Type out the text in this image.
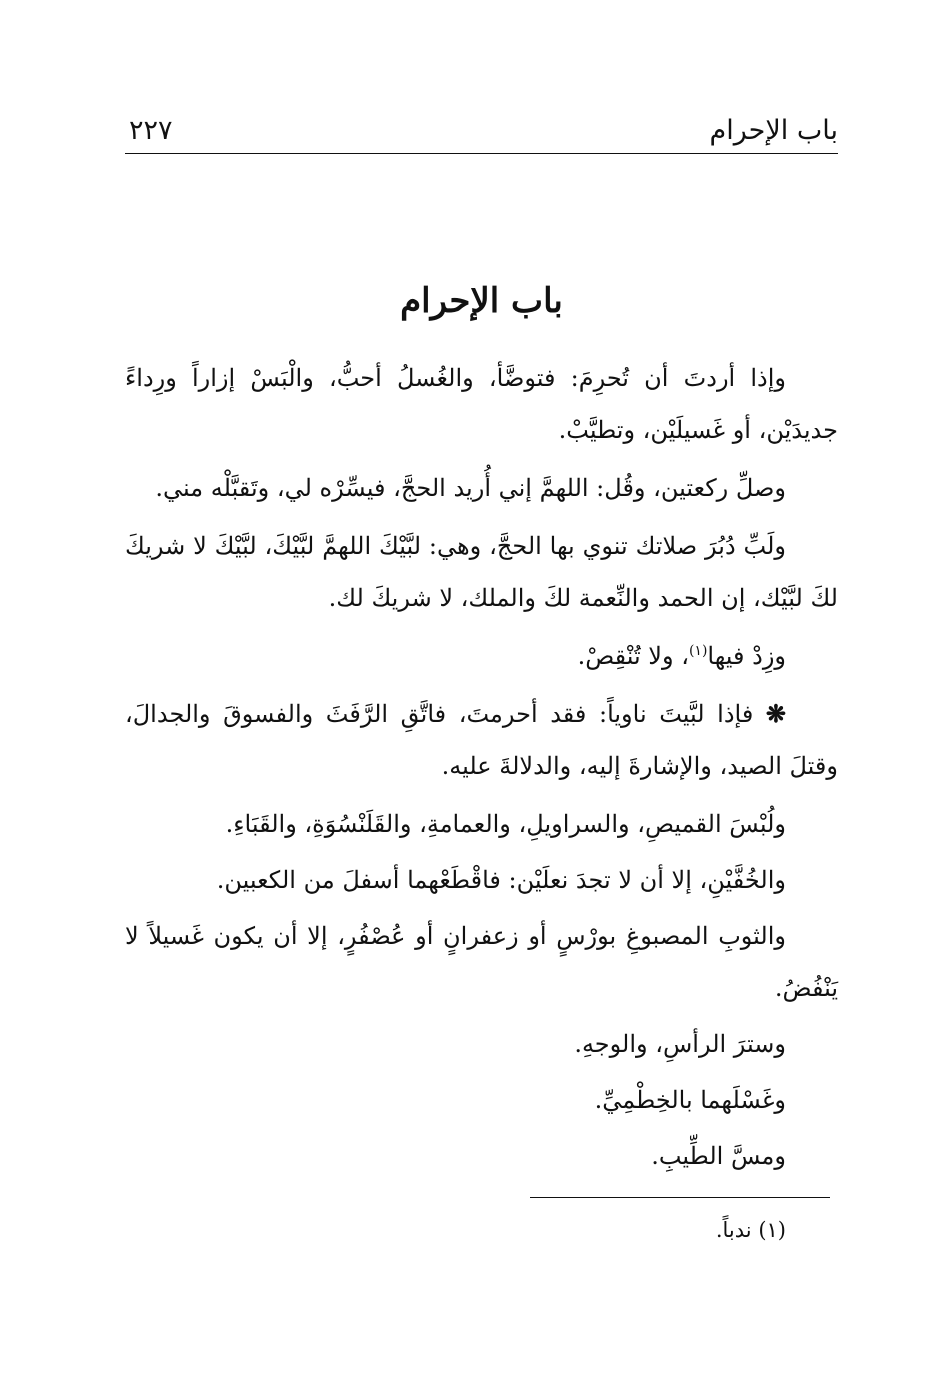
باب الإحرام
٢٢٧
باب الإحرام

وإذا أردتَ أن تُحرِمَ: فتوضَّأ، والغُسلُ أحبُّ، والْبَسْ إزاراً ورِداءً جديدَيْن، أو غَسيلَيْن، وتطيَّبْ.

وصلِّ ركعتين، وقُل: اللهمَّ إني أُريد الحجَّ، فيسِّرْه لي، وتَقبَّلْه مني.

ولَبِّ دُبُرَ صلاتك تنوي بها الحجَّ، وهي: لبَّيْكَ اللهمَّ لبَّيْكَ، لبَّيْكَ لا شريكَ لكَ لبَّيْك، إن الحمد والنِّعمة لكَ والملك، لا شريكَ لك.

وزِدْ فيها$^{(١)}$، ولا تُنْقِصْ.

❋ فإذا لبَّيتَ ناوياً: فقد أحرمتَ، فاتَّقِ الرَّفَثَ والفسوقَ والجدالَ، وقتلَ الصيد، والإشارةَ إليه، والدلالةَ عليه.

ولُبْسَ القميصِ، والسراويلِ، والعمامةِ، والقَلَنْسُوَةِ، والقَبَاءِ.

والخُفَّيْنِ، إلا أن لا تجدَ نعلَيْن: فاقْطَعْهما أسفلَ من الكعبين.

والثوبِ المصبوغِ بورْسٍ أو زعفرانٍ أو عُصْفُرٍ، إلا أن يكون غَسيلاً لا يَنْفُضُ.

وسترَ الرأسِ، والوجهِ.

وغَسْلَهما بالخِطْمِيِّ.

ومسَّ الطِّيبِ.

(١) ندباً.
